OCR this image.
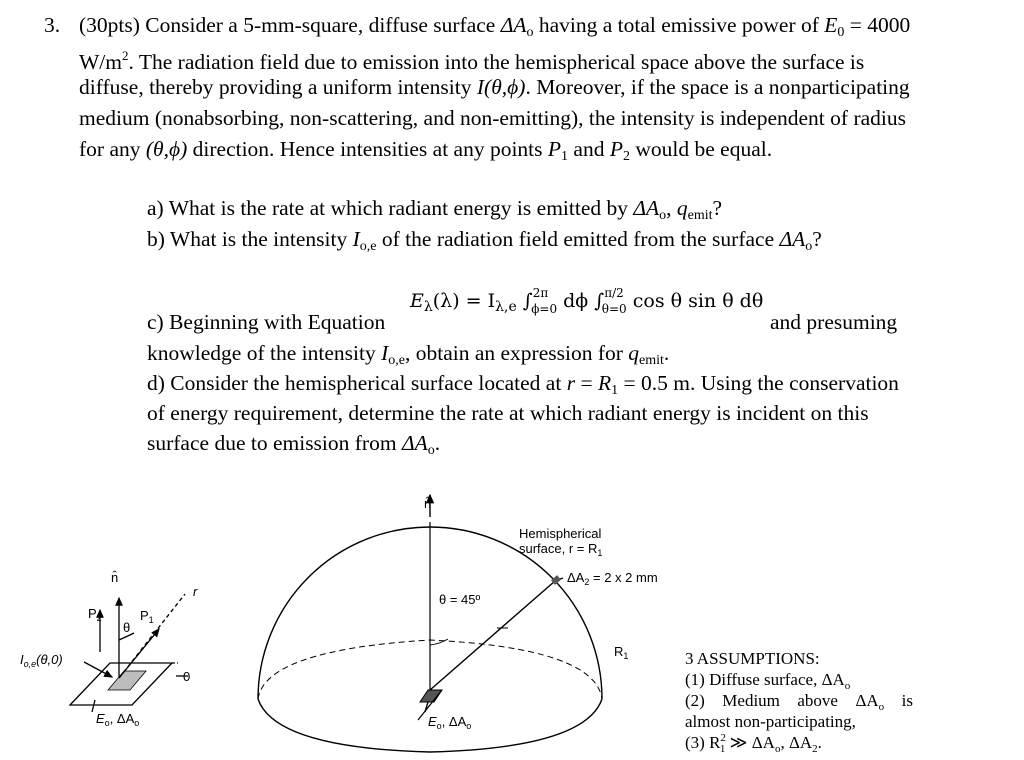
3. (30pts) Consider a 5-mm-square, diffuse surface $\Delta A_o$ having a total emissive power of $E_0 = 4000$
$W/m^2$. The radiation field due to emission into the hemispherical space above the surface is
diffuse, thereby providing a uniform intensity I(θ,ϕ). Moreover, if the space is a nonparticipating
medium (nonabsorbing, non-scattering, and non-emitting), the intensity is independent of radius
for any (θ,ϕ) direction. Hence intensities at any points $P_1$ and $P_2$ would be equal.
a) What is the rate at which radiant energy is emitted by $\Delta A_o$, $q_{emit}$?
b) What is the intensity $I_{o,e}$ of the radiation field emitted from the surface $\Delta A_o$?
c) Beginning with Equation
$E_\lambda(\lambda) = I_{\lambda,e}$ ∫$^{2\pi}_{\phi=0}$ dϕ ∫$^{\pi/2}_{\theta=0}$ cos θ sin θ dθ
and presuming
knowledge of the intensity $I_{o,e}$, obtain an expression for $q_{emit}$.
d) Consider the hemispherical surface located at $r = R_1 = 0.5$ m. Using the conservation
of energy requirement, determine the rate at which radiant energy is incident on this
surface due to emission from $\Delta A_o$.
n̂
$P_2$	$P_1$
θ
r
$I_{o,e}(\theta,0)$
0
$E_o$, $\Delta A_o$
n̂
Hemispherical
surface, $r = R_1$
$\Delta A_2 = 2$ x 2 mm
θ = 45º
$R_1$
$E_o$, $\Delta A_o$
3 ASSUMPTIONS:
(1) Diffuse surface, $\Delta A_o$
(2) Medium above $\Delta A_o$ is
almost non-participating,
(3) $R^2_1$ ≫ $\Delta A_o$, $\Delta A_2$.
